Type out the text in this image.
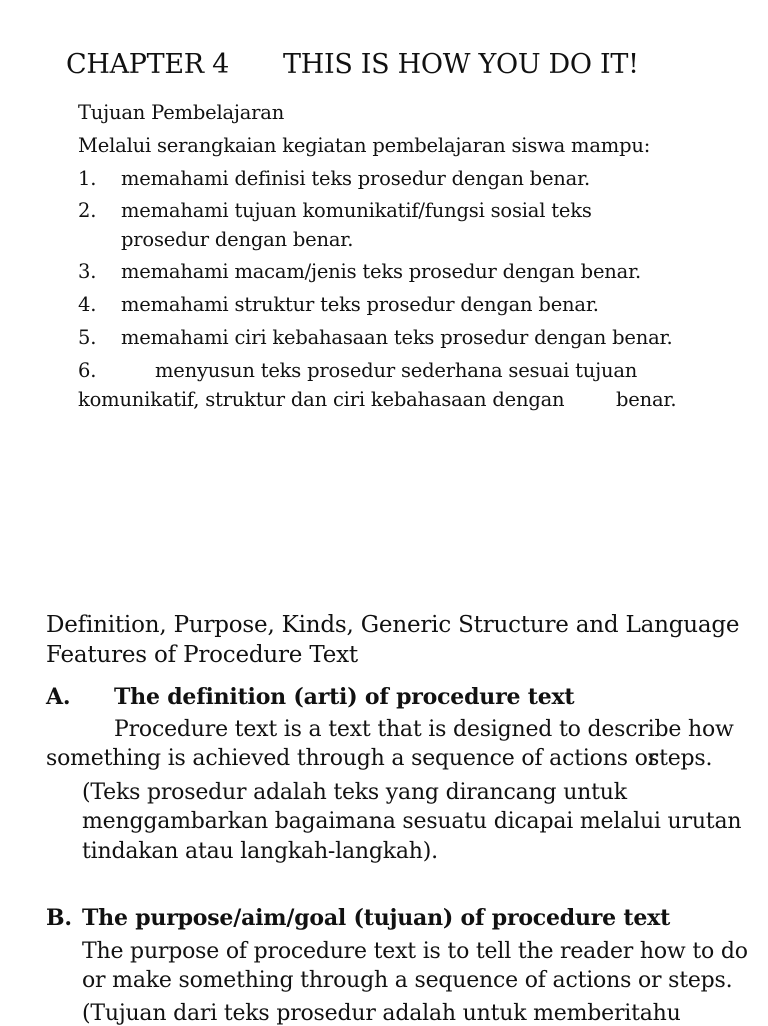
CHAPTER 4 THIS IS HOW YOU DO IT!

Tujuan Pembelajaran

Melalui serangkaian kegiatan pembelajaran siswa mampu:

1. memahami definisi teks prosedur dengan benar.
2. memahami tujuan komunikatif/fungsi sosial teks
prosedur dengan benar.
3. memahami macam/jenis teks prosedur dengan benar.
4. memahami struktur teks prosedur dengan benar.
5. memahami ciri kebahasaan teks prosedur dengan benar.
6.	menyusun teks prosedur sederhana sesuai tujuan
komunikatif, struktur dan ciri kebahasaan dengan	benar.
Definition, Purpose, Kinds, Generic Structure and Language
Features of Procedure Text
A. The definition (arti) of procedure text

Procedure text is a text that is designed to describe how

something is achieved through a sequence of actions or

steps.

(Teks prosedur adalah teks yang dirancang untuk

menggambarkan bagaimana sesuatu dicapai melalui urutan

tindakan atau langkah-langkah).

B. The purpose/aim/goal (tujuan) of procedure text

The purpose of procedure text is to tell the reader how to do

or make something through a sequence of actions or steps.

(Tujuan dari teks prosedur adalah untuk memberitahu
